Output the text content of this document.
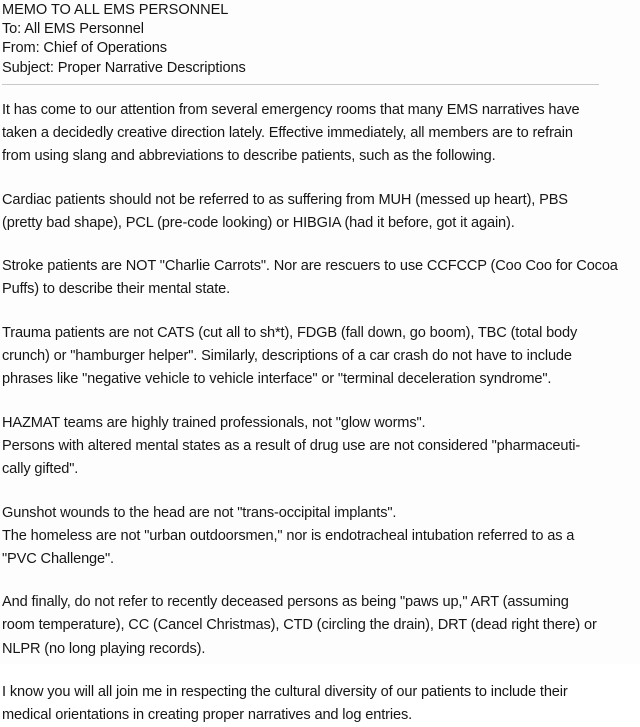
MEMO TO ALL EMS PERSONNEL
To: All EMS Personnel
From: Chief of Operations
Subject: Proper Narrative Descriptions
It has come to our attention from several emergency rooms that many EMS narratives have
taken a decidedly creative direction lately. Effective immediately, all members are to refrain
from using slang and abbreviations to describe patients, such as the following.
Cardiac patients should not be referred to as suffering from MUH (messed up heart), PBS
(pretty bad shape), PCL (pre-code looking) or HIBGIA (had it before, got it again).
Stroke patients are NOT "Charlie Carrots". Nor are rescuers to use CCFCCP (Coo Coo for Cocoa
Puffs) to describe their mental state.
Trauma patients are not CATS (cut all to sh*t), FDGB (fall down, go boom), TBC (total body
crunch) or "hamburger helper". Similarly, descriptions of a car crash do not have to include
phrases like "negative vehicle to vehicle interface" or "terminal deceleration syndrome".
HAZMAT teams are highly trained professionals, not "glow worms".
Persons with altered mental states as a result of drug use are not considered "pharmaceuti-
cally gifted".
Gunshot wounds to the head are not "trans-occipital implants".
The homeless are not "urban outdoorsmen," nor is endotracheal intubation referred to as a
"PVC Challenge".
And finally, do not refer to recently deceased persons as being "paws up," ART (assuming
room temperature), CC (Cancel Christmas), CTD (circling the drain), DRT (dead right there) or
NLPR (no long playing records).
I know you will all join me in respecting the cultural diversity of our patients to include their
medical orientations in creating proper narratives and log entries.
